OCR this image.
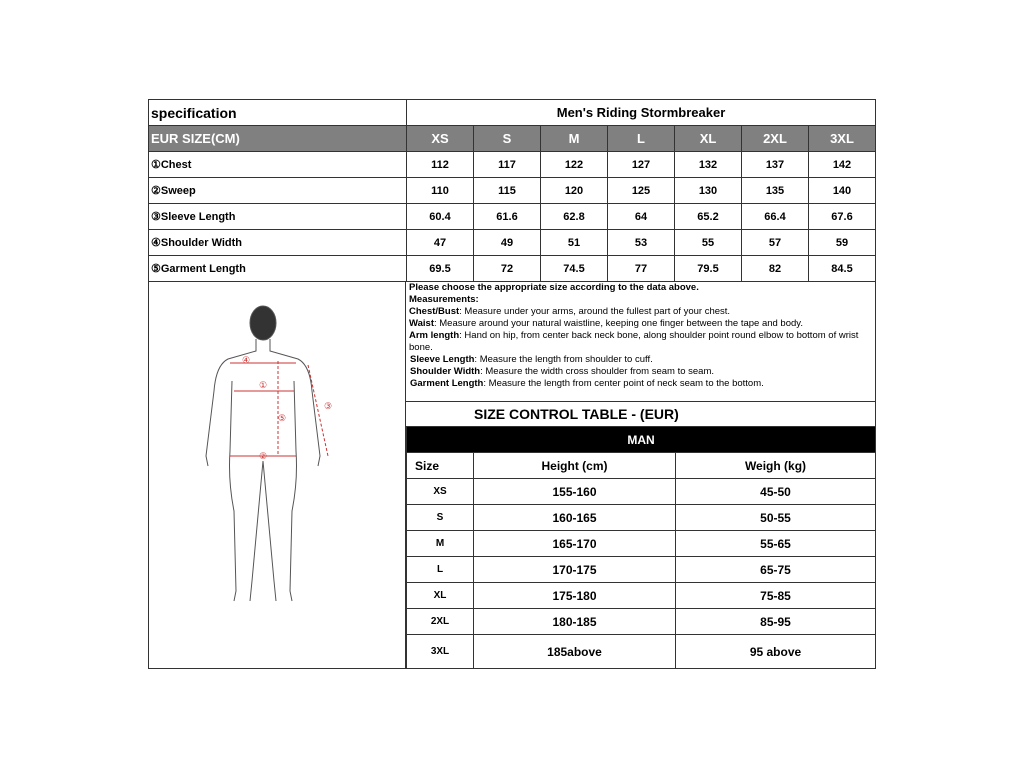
specification	Men's Riding Stormbreaker						
EUR SIZE(CM)	XS	S	M	L	XL	2XL	3XL
①Chest	112	117	122	127	132	137	142
②Sweep	110	115	120	125	130	135	140
③Sleeve Length	60.4	61.6	62.8	64	65.2	66.4	67.6
④Shoulder Width	47	49	51	53	55	57	59
⑤Garment Length	69.5	72	74.5	77	79.5	82	84.5
①
②
③
④
⑤
Please choose the appropriate size according to the data above.
Measurements:
Chest/Bust: Measure under your arms, around the fullest part of your chest.
Waist: Measure around your natural waistline, keeping one finger between the tape and body.
Arm length: Hand on hip, from center back neck bone, along shoulder point round elbow to bottom of wrist bone.
Sleeve Length: Measure the length from shoulder to cuff.
Shoulder Width: Measure the width cross shoulder from seam to seam.
Garment Length: Measure the length from center point of neck seam to the bottom.
SIZE CONTROL TABLE - (EUR)
MAN		
Size	Height (cm)	Weigh (kg)
XS	155-160	45-50
S	160-165	50-55
M	165-170	55-65
L	170-175	65-75
XL	175-180	75-85
2XL	180-185	85-95
3XL	185above	95 above
